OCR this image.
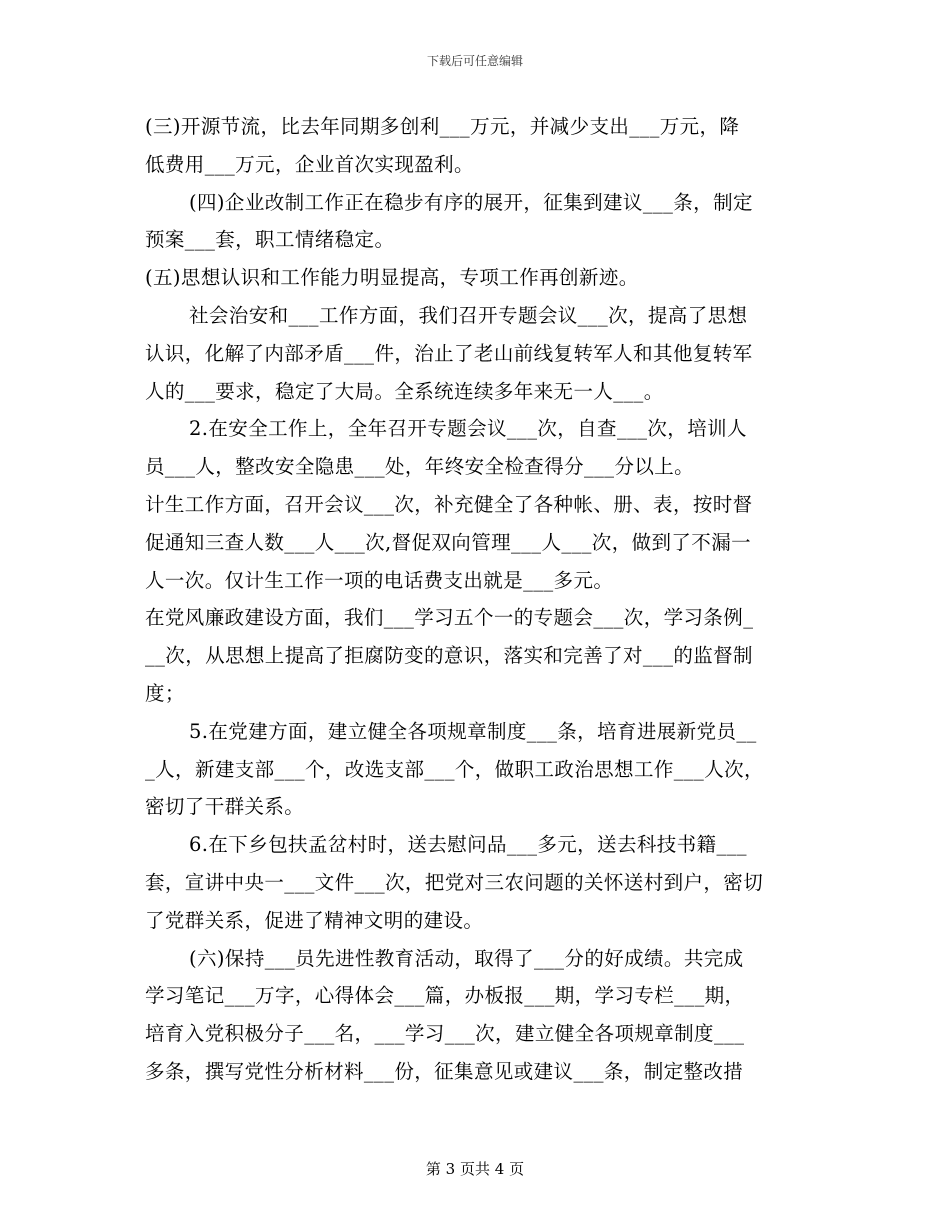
下载后可任意编辑
(三)开源节流，比去年同期多创利___万元，并减少支出___万元，降
低费用___万元，企业首次实现盈利。
(四)企业改制工作正在稳步有序的展开，征集到建议___条，制定
预案___套，职工情绪稳定。
(五)思想认识和工作能力明显提高，专项工作再创新迹。
社会治安和___工作方面，我们召开专题会议___次，提高了思想
认识，化解了内部矛盾___件，治止了老山前线复转军人和其他复转军
人的___要求，稳定了大局。全系统连续多年来无一人___。
2.在安全工作上，全年召开专题会议___次，自查___次，培训人
员___人，整改安全隐患___处，年终安全检查得分___分以上。
计生工作方面，召开会议___次，补充健全了各种帐、册、表，按时督
促通知三查人数___人___次,督促双向管理___人___次，做到了不漏一
人一次。仅计生工作一项的电话费支出就是___多元。
在党风廉政建设方面，我们___学习五个一的专题会___次，学习条例_
__次，从思想上提高了拒腐防变的意识，落实和完善了对___的监督制
度；
5.在党建方面，建立健全各项规章制度___条，培育进展新党员__
_人，新建支部___个，改选支部___个，做职工政治思想工作___人次，
密切了干群关系。
6.在下乡包扶孟岔村时，送去慰问品___多元，送去科技书籍___
套，宣讲中央一___文件___次，把党对三农问题的关怀送村到户，密切
了党群关系，促进了精神文明的建设。
(六)保持___员先进性教育活动，取得了___分的好成绩。共完成
学习笔记___万字，心得体会___篇，办板报___期，学习专栏___期，
培育入党积极分子___名，___学习___次，建立健全各项规章制度___
多条，撰写党性分析材料___份，征集意见或建议___条，制定整改措
第 3 页共 4 页
